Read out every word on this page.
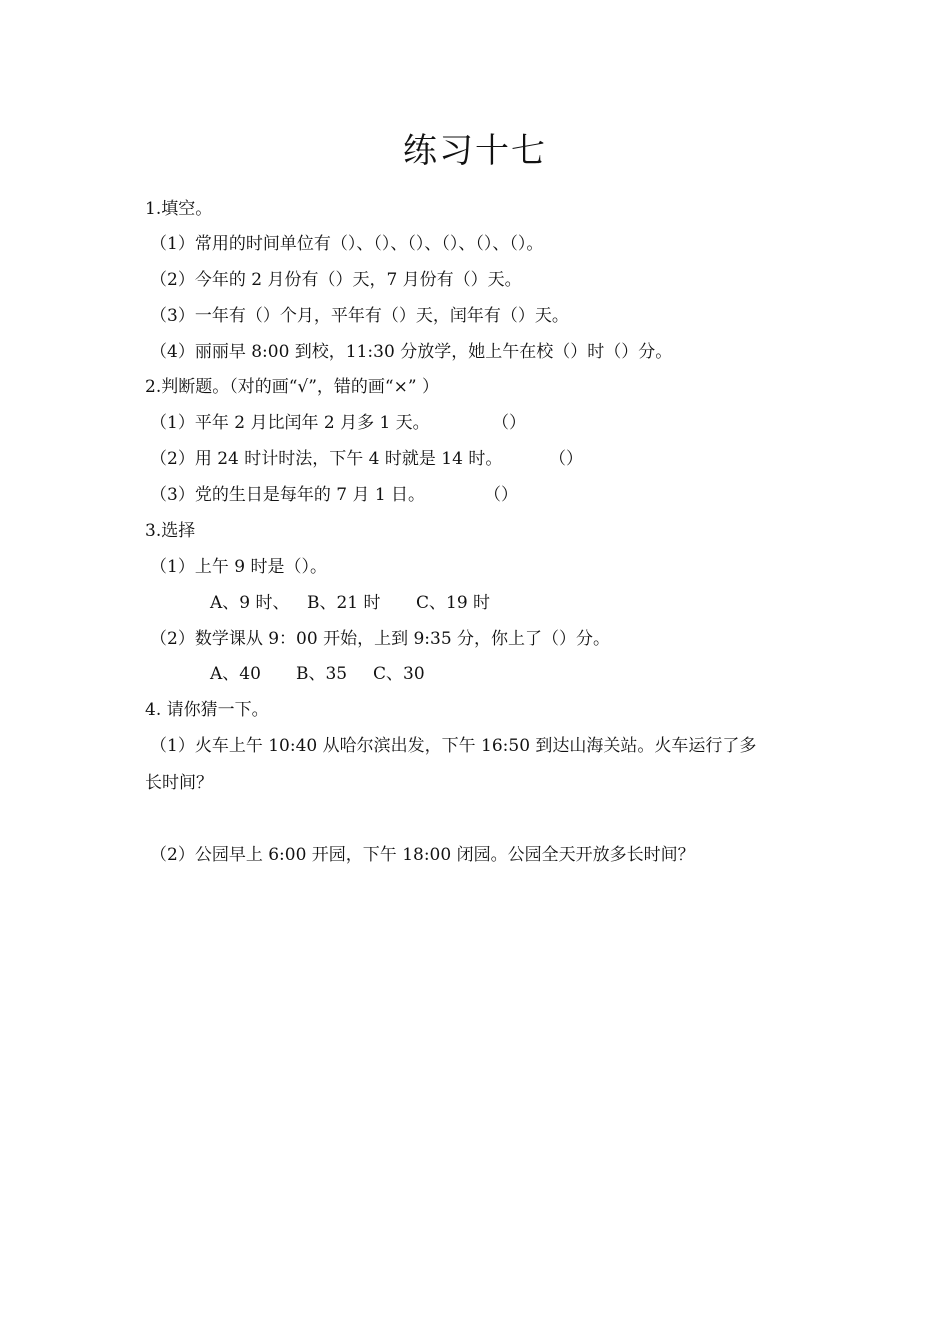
练习十七
1.填空。
（1）常用的时间单位有（）、（）、（）、（）、（）、（）。
（2）今年的 2 月份有（）天，7 月份有（）天。
（3）一年有（）个月，平年有（）天，闰年有（）天。
（4）丽丽早 8:00 到校，11:30 分放学，她上午在校（）时（）分。
2.判断题。（对的画“√”，错的画“×” ）
（1）平年 2 月比闰年 2 月多 1 天。	（）
（2）用 24 时计时法，下午 4 时就是 14 时。	（）
（3）党的生日是每年的 7 月 1 日。	（）
3.选择
（1）上午 9 时是（）。
A、9 时、 B、21 时 C、19 时
（2）数学课从 9：00 开始，上到 9:35 分，你上了（）分。
A、40 B、35 C、30
4. 请你猜一下。
（1）火车上午 10:40 从哈尔滨出发，下午 16:50 到达山海关站。火车运行了多
长时间？
（2）公园早上 6:00 开园，下午 18:00 闭园。公园全天开放多长时间？
